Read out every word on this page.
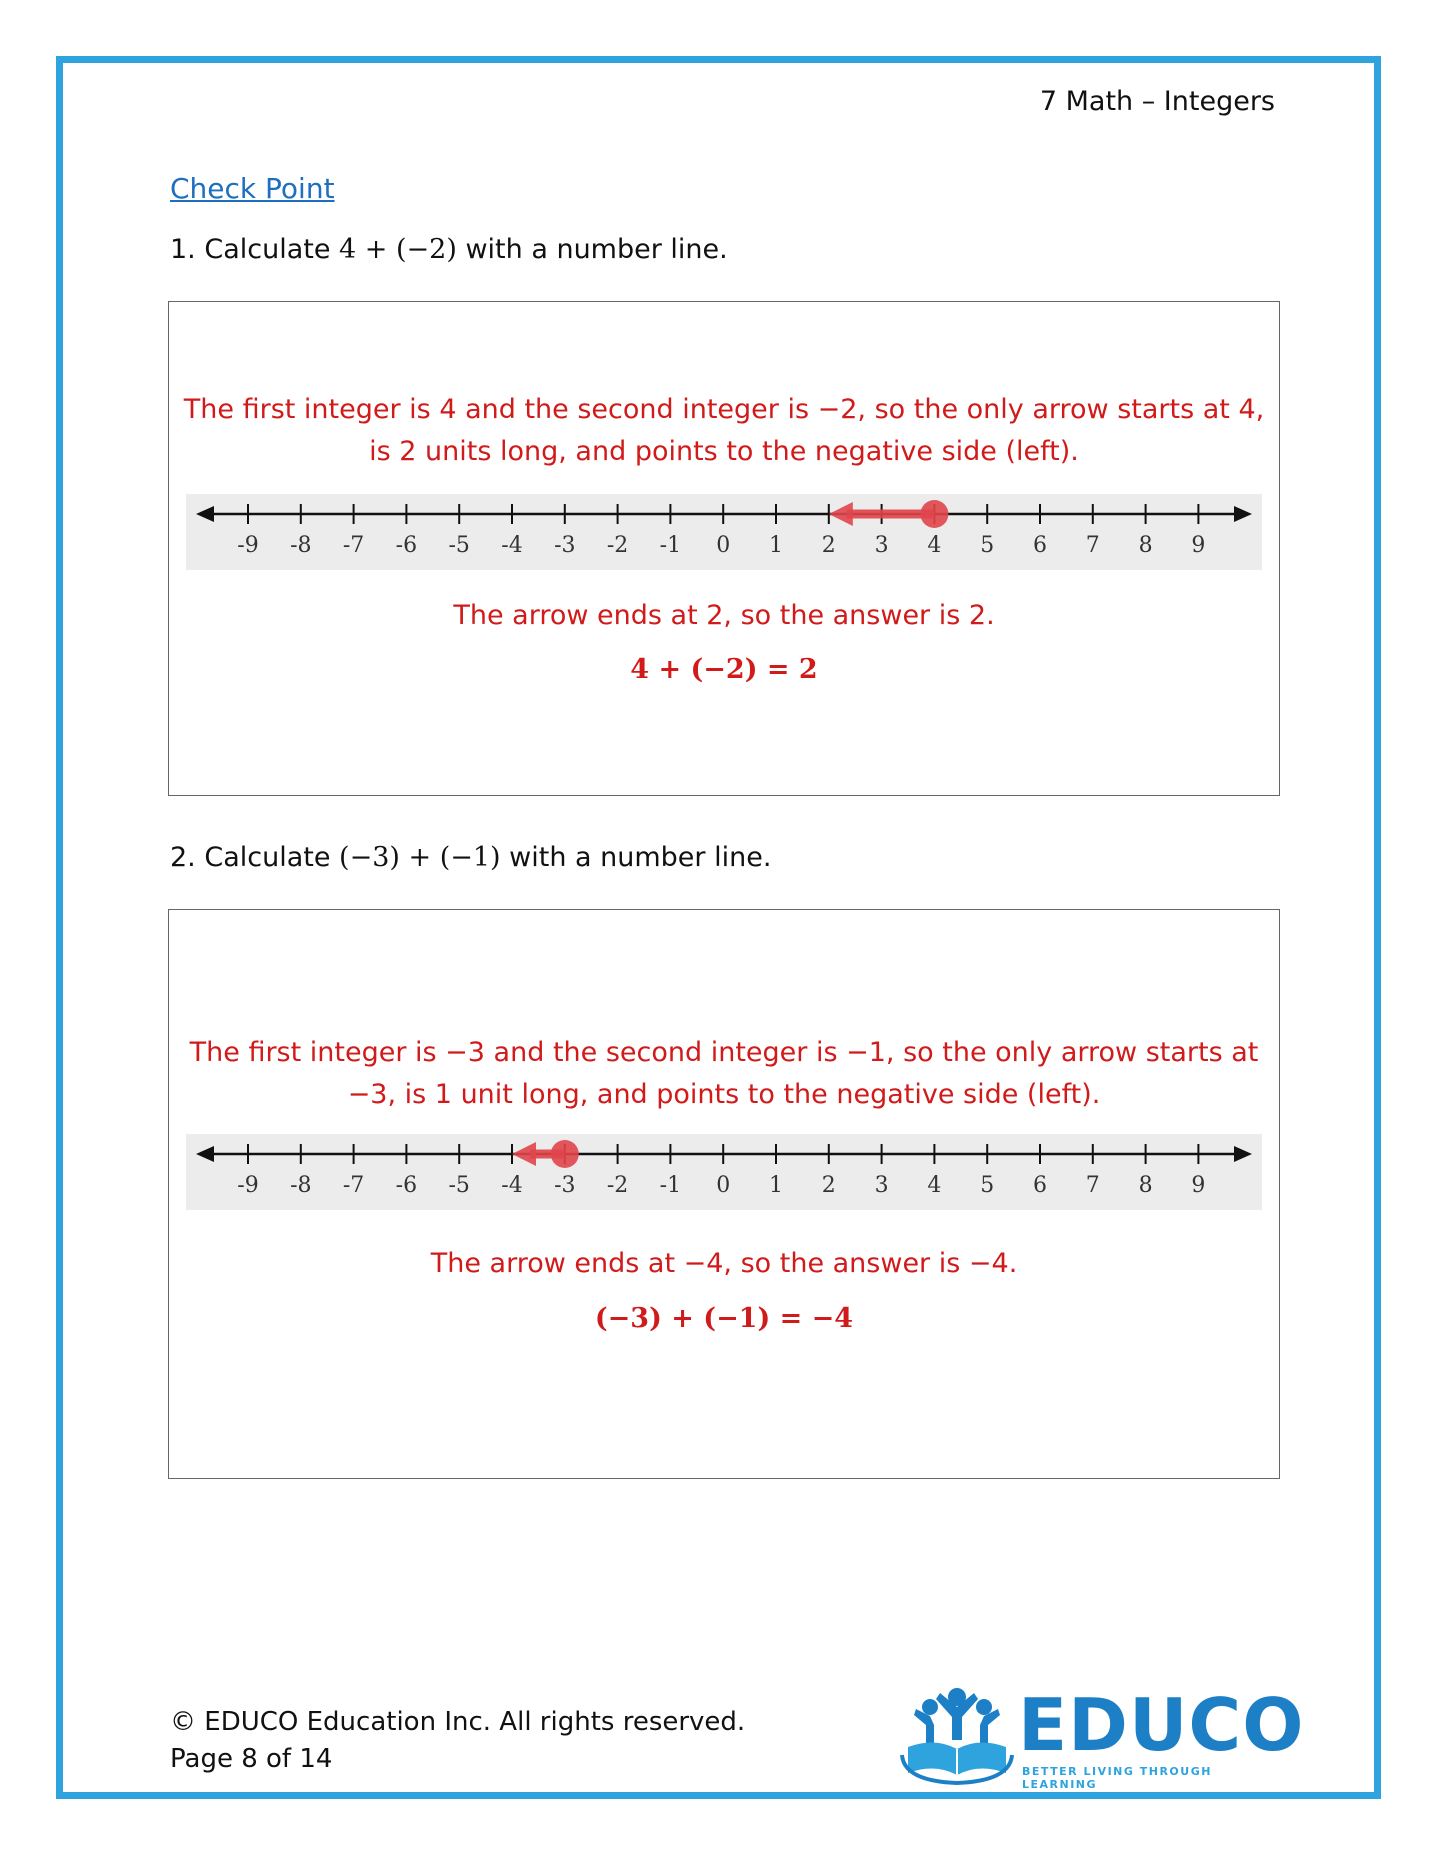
7 Math – Integers
Check Point
1. Calculate 4 + (−2) with a number line.
The first integer is 4 and the second integer is −2, so the only arrow starts at 4,
is 2 units long, and points to the negative side (left).
-9 -8 -7 -6 -5 -4 -3 -2 -1 0 1 2 3 4 5 6 7 8 9
The arrow ends at 2, so the answer is 2.
4 + (−2) = 2
2. Calculate (−3) + (−1) with a number line.
The first integer is −3 and the second integer is −1, so the only arrow starts at
−3, is 1 unit long, and points to the negative side (left).
-9 -8 -7 -6 -5 -4 -3 -2 -1 0 1 2 3 4 5 6 7 8 9
The arrow ends at −4, so the answer is −4.
(−3) + (−1) = −4
© EDUCO Education Inc. All rights reserved.
Page 8 of 14	EDUCO
BETTER LIVING THROUGH LEARNING
